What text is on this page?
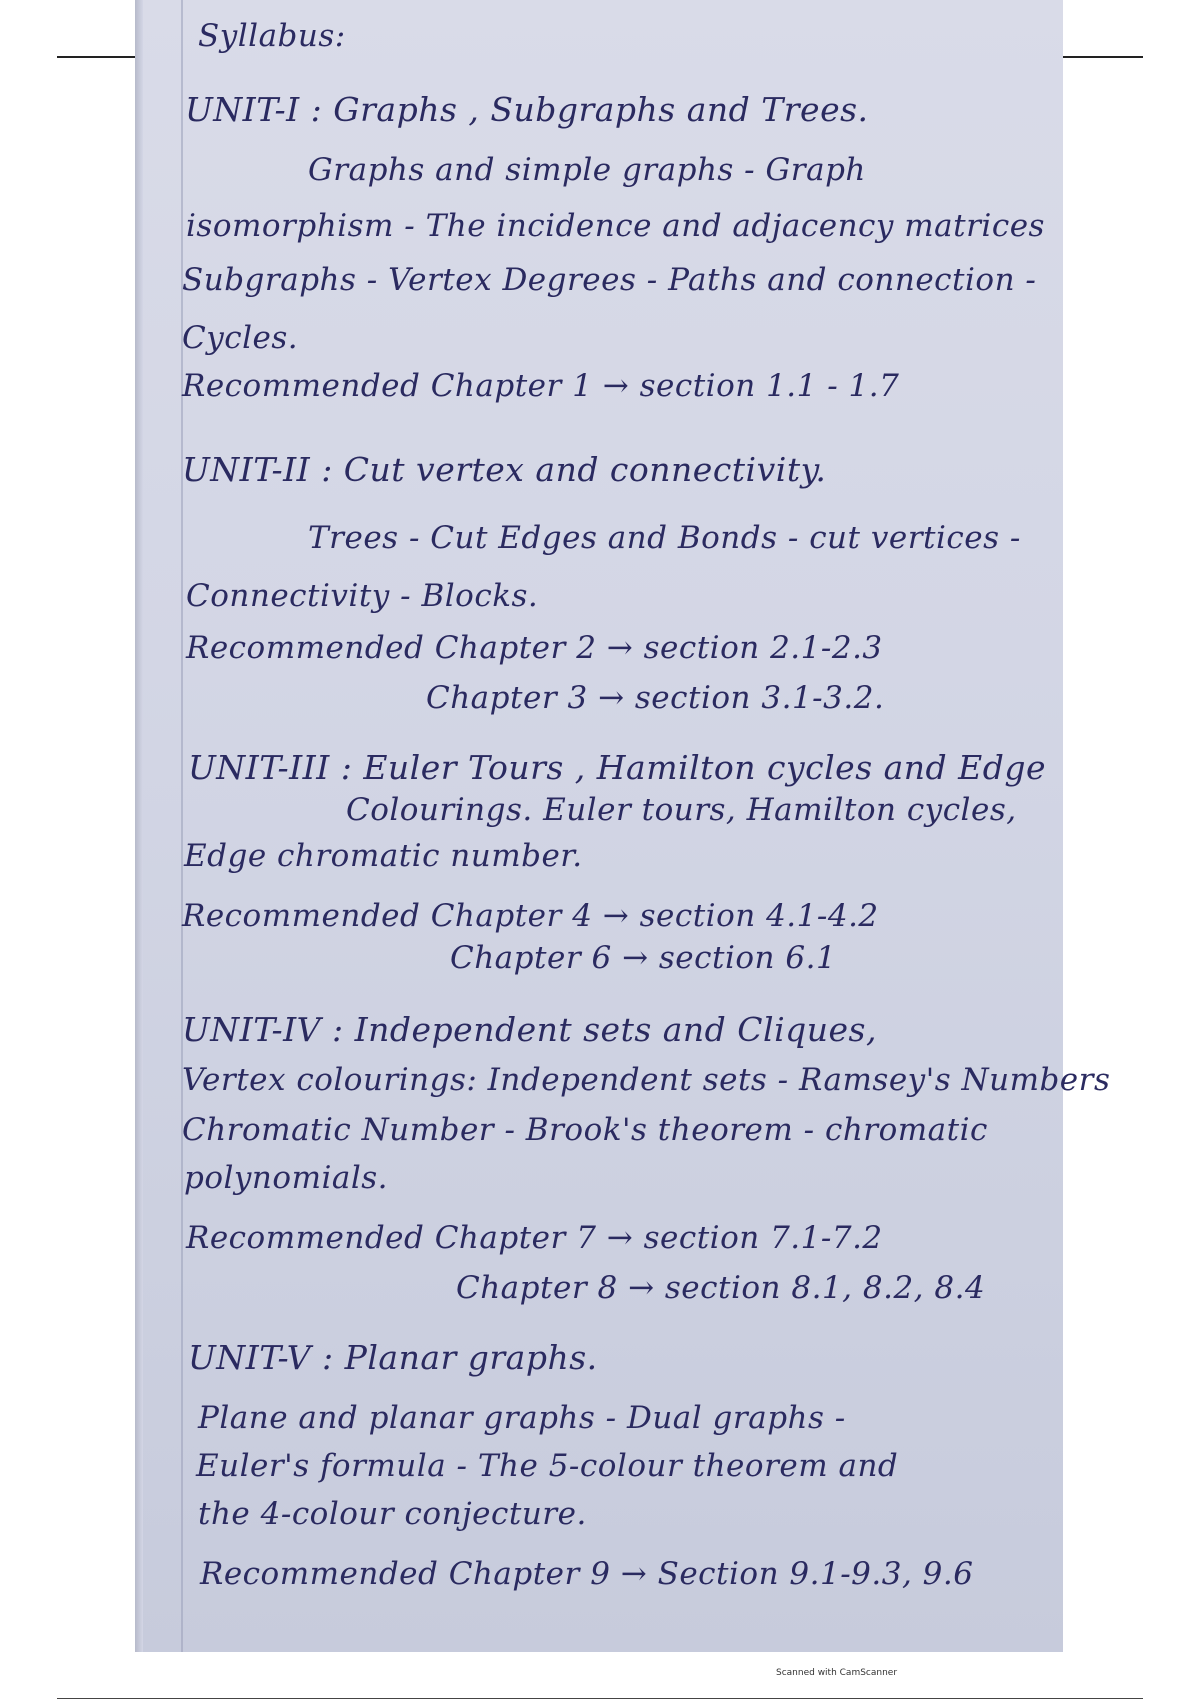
Syllabus:
UNIT-I : Graphs , Subgraphs and Trees.
Graphs and simple graphs - Graph
isomorphism - The incidence and adjacency matrices
Subgraphs - Vertex Degrees - Paths and connection -
Cycles.
Recommended Chapter 1 → section 1.1 - 1.7
UNIT-II : Cut vertex and connectivity.
Trees - Cut Edges and Bonds - cut vertices -
Connectivity - Blocks.
Recommended Chapter 2 → section 2.1-2.3
Chapter 3 → section 3.1-3.2.
UNIT-III : Euler Tours , Hamilton cycles and Edge
Colourings. Euler tours, Hamilton cycles,
Edge chromatic number.
Recommended Chapter 4 → section 4.1-4.2
Chapter 6 → section 6.1
UNIT-IV : Independent sets and Cliques,
Vertex colourings: Independent sets - Ramsey's Numbers
Chromatic Number - Brook's theorem - chromatic
polynomials.
Recommended Chapter 7 → section 7.1-7.2
Chapter 8 → section 8.1, 8.2, 8.4
UNIT-V : Planar graphs.
Plane and planar graphs - Dual graphs -
Euler's formula - The 5-colour theorem and
the 4-colour conjecture.
Recommended Chapter 9 → Section 9.1-9.3, 9.6
Scanned with CamScanner
